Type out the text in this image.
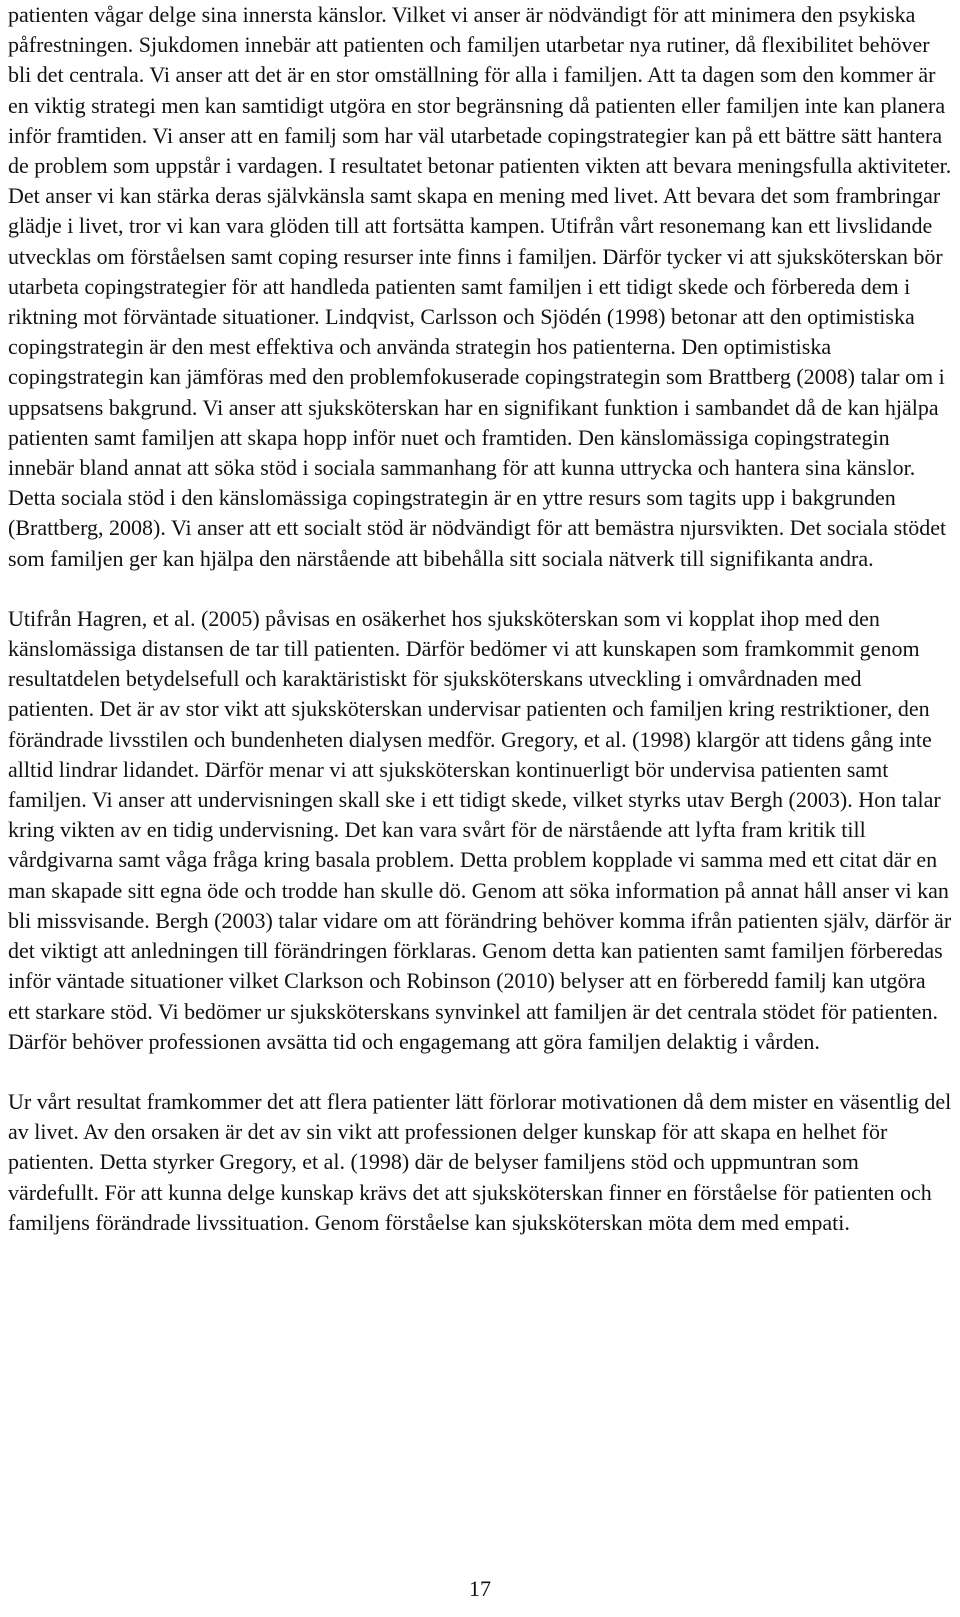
patienten vågar delge sina innersta känslor. Vilket vi anser är nödvändigt för att minimera den psykiska påfrestningen. Sjukdomen innebär att patienten och familjen utarbetar nya rutiner, då flexibilitet behöver bli det centrala. Vi anser att det är en stor omställning för alla i familjen. Att ta dagen som den kommer är en viktig strategi men kan samtidigt utgöra en stor begränsning då patienten eller familjen inte kan planera inför framtiden. Vi anser att en familj som har väl utarbetade copingstrategier kan på ett bättre sätt hantera de problem som uppstår i vardagen. I resultatet betonar patienten vikten att bevara meningsfulla aktiviteter. Det anser vi kan stärka deras självkänsla samt skapa en mening med livet. Att bevara det som frambringar glädje i livet, tror vi kan vara glöden till att fortsätta kampen. Utifrån vårt resonemang kan ett livslidande utvecklas om förståelsen samt coping resurser inte finns i familjen. Därför tycker vi att sjuksköterskan bör utarbeta copingstrategier för att handleda patienten samt familjen i ett tidigt skede och förbereda dem i riktning mot förväntade situationer. Lindqvist, Carlsson och Sjödén (1998) betonar att den optimistiska copingstrategin är den mest effektiva och använda strategin hos patienterna. Den optimistiska copingstrategin kan jämföras med den problemfokuserade copingstrategin som Brattberg (2008) talar om i uppsatsens bakgrund. Vi anser att sjuksköterskan har en signifikant funktion i sambandet då de kan hjälpa patienten samt familjen att skapa hopp inför nuet och framtiden. Den känslomässiga copingstrategin innebär bland annat att söka stöd i sociala sammanhang för att kunna uttrycka och hantera sina känslor. Detta sociala stöd i den känslomässiga copingstrategin är en yttre resurs som tagits upp i bakgrunden (Brattberg, 2008). Vi anser att ett socialt stöd är nödvändigt för att bemästra njursvikten. Det sociala stödet som familjen ger kan hjälpa den närstående att bibehålla sitt sociala nätverk till signifikanta andra.

Utifrån Hagren, et al. (2005) påvisas en osäkerhet hos sjuksköterskan som vi kopplat ihop med den känslomässiga distansen de tar till patienten. Därför bedömer vi att kunskapen som framkommit genom resultatdelen betydelsefull och karaktäristiskt för sjuksköterskans utveckling i omvårdnaden med patienten. Det är av stor vikt att sjuksköterskan undervisar patienten och familjen kring restriktioner, den förändrade livsstilen och bundenheten dialysen medför. Gregory, et al. (1998) klargör att tidens gång inte alltid lindrar lidandet. Därför menar vi att sjuksköterskan kontinuerligt bör undervisa patienten samt familjen. Vi anser att undervisningen skall ske i ett tidigt skede, vilket styrks utav Bergh (2003). Hon talar kring vikten av en tidig undervisning. Det kan vara svårt för de närstående att lyfta fram kritik till vårdgivarna samt våga fråga kring basala problem. Detta problem kopplade vi samma med ett citat där en man skapade sitt egna öde och trodde han skulle dö. Genom att söka information på annat håll anser vi kan bli missvisande. Bergh (2003) talar vidare om att förändring behöver komma ifrån patienten själv, därför är det viktigt att anledningen till förändringen förklaras. Genom detta kan patienten samt familjen förberedas inför väntade situationer vilket Clarkson och Robinson (2010) belyser att en förberedd familj kan utgöra ett starkare stöd. Vi bedömer ur sjuksköterskans synvinkel att familjen är det centrala stödet för patienten. Därför behöver professionen avsätta tid och engagemang att göra familjen delaktig i vården.

Ur vårt resultat framkommer det att flera patienter lätt förlorar motivationen då dem mister en väsentlig del av livet. Av den orsaken är det av sin vikt att professionen delger kunskap för att skapa en helhet för patienten. Detta styrker Gregory, et al. (1998) där de belyser familjens stöd och uppmuntran som värdefullt. För att kunna delge kunskap krävs det att sjuksköterskan finner en förståelse för patienten och familjens förändrade livssituation. Genom förståelse kan sjuksköterskan möta dem med empati.

17
